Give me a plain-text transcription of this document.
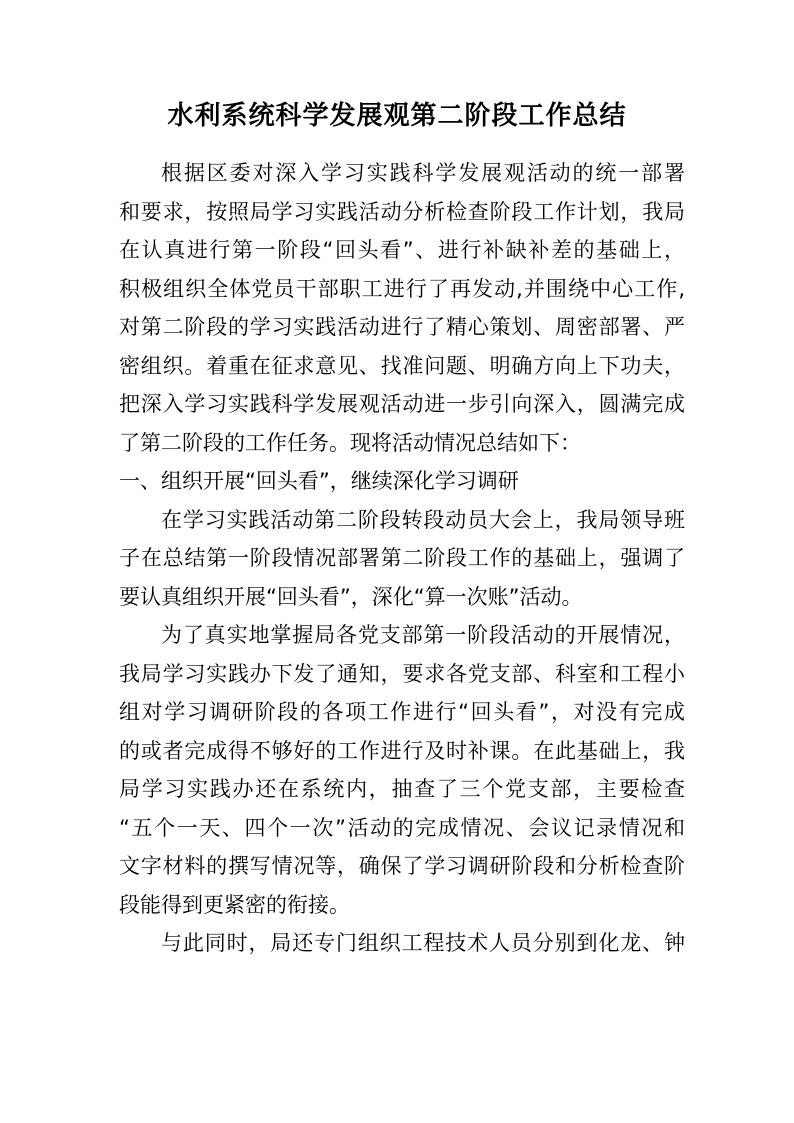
水利系统科学发展观第二阶段工作总结
根据区委对深入学习实践科学发展观活动的统一部署
和要求，按照局学习实践活动分析检查阶段工作计划，我局
在认真进行第一阶段“回头看”、进行补缺补差的基础上，
积极组织全体党员干部职工进行了再发动,并围绕中心工作,
对第二阶段的学习实践活动进行了精心策划、周密部署、严
密组织。着重在征求意见、找准问题、明确方向上下功夫，
把深入学习实践科学发展观活动进一步引向深入，圆满完成
了第二阶段的工作任务。现将活动情况总结如下：
一、组织开展“回头看”，继续深化学习调研
在学习实践活动第二阶段转段动员大会上，我局领导班
子在总结第一阶段情况部署第二阶段工作的基础上，强调了
要认真组织开展“回头看”，深化“算一次账”活动。
为了真实地掌握局各党支部第一阶段活动的开展情况，
我局学习实践办下发了通知，要求各党支部、科室和工程小
组对学习调研阶段的各项工作进行“回头看”，对没有完成
的或者完成得不够好的工作进行及时补课。在此基础上，我
局学习实践办还在系统内，抽查了三个党支部，主要检查
“五个一天、四个一次”活动的完成情况、会议记录情况和
文字材料的撰写情况等，确保了学习调研阶段和分析检查阶
段能得到更紧密的衔接。
与此同时，局还专门组织工程技术人员分别到化龙、钟
